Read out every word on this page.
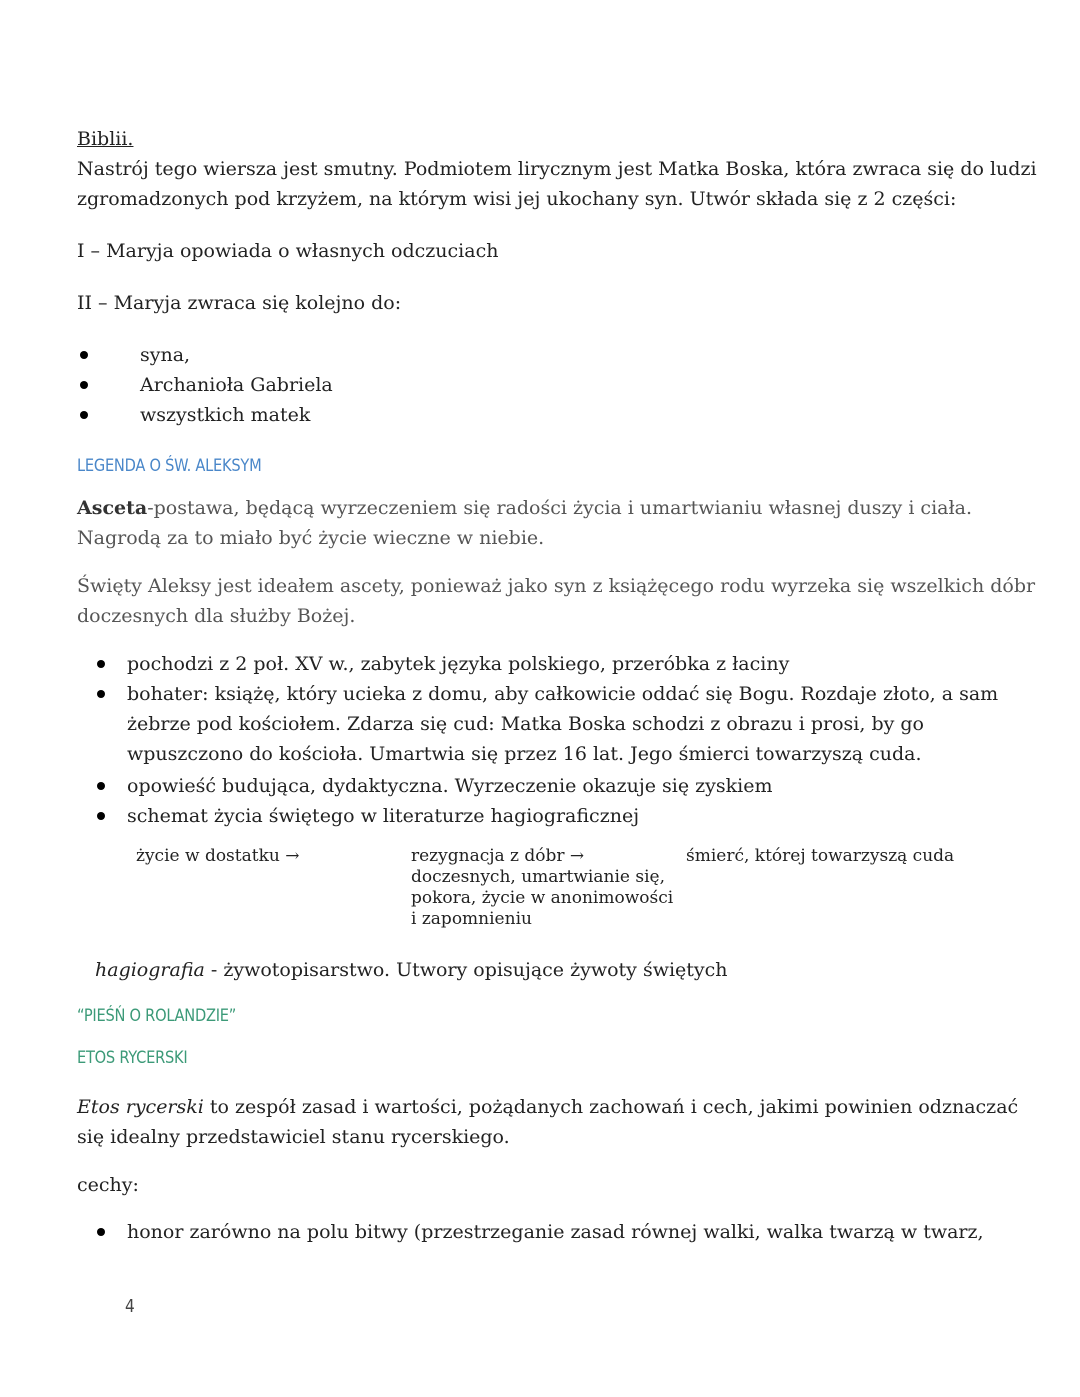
Biblii.
Nastrój tego wiersza jest smutny. Podmiotem lirycznym jest Matka Boska, która zwraca się do ludzi
zgromadzonych pod krzyżem, na którym wisi jej ukochany syn. Utwór składa się z 2 części:
I – Maryja opowiada o własnych odczuciach
II – Maryja zwraca się kolejno do:
syna,
Archanioła Gabriela
wszystkich matek
LEGENDA O ŚW. ALEKSYM
Asceta-postawa, będącą wyrzeczeniem się radości życia i umartwianiu własnej duszy i ciała.
Nagrodą za to miało być życie wieczne w niebie.
Święty Aleksy jest ideałem ascety, ponieważ jako syn z książęcego rodu wyrzeka się wszelkich dóbr
doczesnych dla służby Bożej.
pochodzi z 2 poł. XV w., zabytek języka polskiego, przeróbka z łaciny
bohater: książę, który ucieka z domu, aby całkowicie oddać się Bogu. Rozdaje złoto, a sam
żebrze pod kościołem. Zdarza się cud: Matka Boska schodzi z obrazu i prosi, by go
wpuszczono do kościoła. Umartwia się przez 16 lat. Jego śmierci towarzyszą cuda.
opowieść budująca, dydaktyczna. Wyrzeczenie okazuje się zyskiem
schemat życia świętego w literaturze hagiograficznej
życie w dostatku →	rezygnacja z dóbr →
doczesnych, umartwianie się,
pokora, życie w anonimowości
i zapomnieniu
śmierć, której towarzyszą cuda
hagiografia - żywotopisarstwo. Utwory opisujące żywoty świętych
“PIEŚŃ O ROLANDZIE”
ETOS RYCERSKI
Etos rycerski to zespół zasad i wartości, pożądanych zachowań i cech, jakimi powinien odznaczać
się idealny przedstawiciel stanu rycerskiego.
cechy:
honor zarówno na polu bitwy (przestrzeganie zasad równej walki, walka twarzą w twarz,
4
